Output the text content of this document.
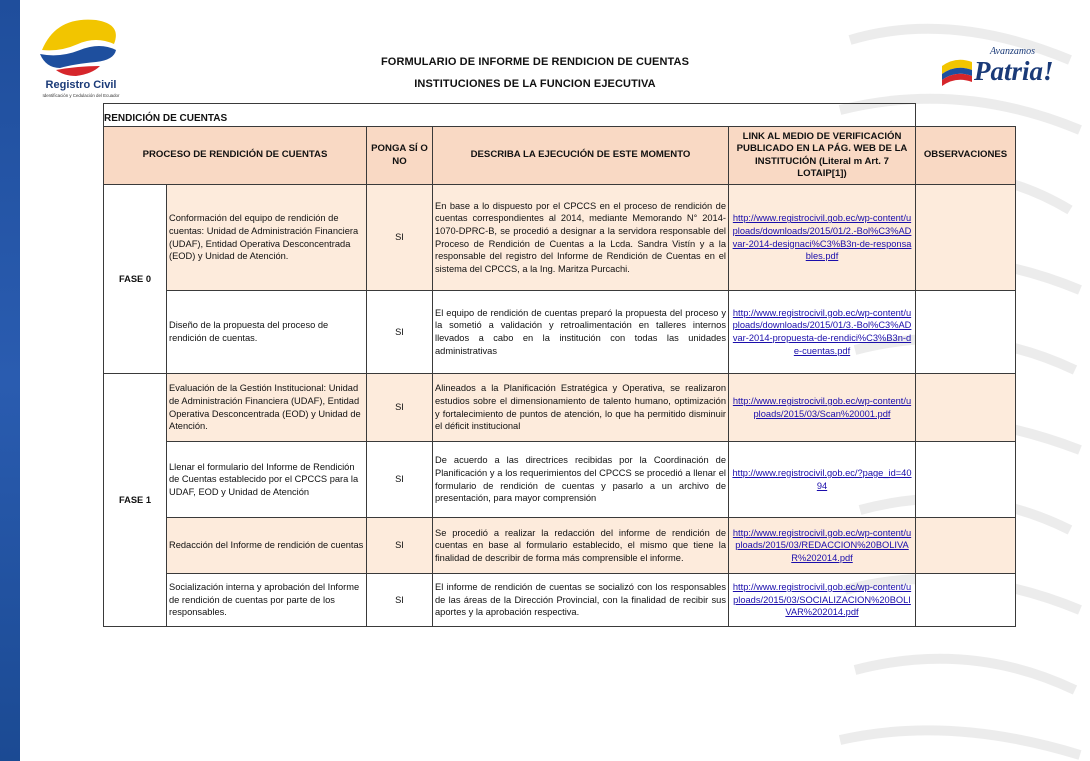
Registro Civil
Identificación y Cedulación del Ecuador
Avanzamos
Patria!
FORMULARIO DE INFORME DE RENDICION DE CUENTAS
INSTITUCIONES DE LA FUNCION EJECUTIVA
RENDICIÓN DE CUENTAS					
PROCESO DE RENDICIÓN DE CUENTAS		PONGA SÍ O NO	DESCRIBA LA EJECUCIÓN DE ESTE MOMENTO	LINK AL MEDIO DE VERIFICACIÓN PUBLICADO EN LA PÁG. WEB DE LA INSTITUCIÓN (Literal m Art. 7 LOTAIP[1])	OBSERVACIONES
FASE 0	Conformación del equipo de rendición de cuentas: Unidad de Administración Financiera (UDAF), Entidad Operativa Desconcentrada (EOD) y Unidad de Atención.	SI	En base a lo dispuesto por el CPCCS en el proceso de rendición de cuentas correspondientes al 2014, mediante Memorando N° 2014-1070-DPRC-B, se procedió a designar a la servidora responsable del Proceso de Rendición de Cuentas a la Lcda. Sandra Vistín y a la responsable del registro del Informe de Rendición de Cuentas en el sistema del CPCCS, a la Ing. Maritza Purcachi.	http://www.registrocivil.gob.ec/wp-content/uploads/downloads/2015/01/2.-Bol%C3%ADvar-2014-designaci%C3%B3n-de-responsables.pdf	
	Diseño de la propuesta del proceso de rendición de cuentas.	SI	El equipo de rendición de cuentas preparó la propuesta del proceso y la sometió a validación y retroalimentación en talleres internos llevados a cabo en la institución con todas las unidades administrativas	http://www.registrocivil.gob.ec/wp-content/uploads/downloads/2015/01/3.-Bol%C3%ADvar-2014-propuesta-de-rendici%C3%B3n-de-cuentas.pdf	
FASE 1	Evaluación de la Gestión Institucional: Unidad de Administración Financiera (UDAF), Entidad Operativa Desconcentrada (EOD) y Unidad de Atención.	SI	Alineados a la Planificación Estratégica y Operativa, se realizaron estudios sobre el dimensionamiento de talento humano, optimización y fortalecimiento de puntos de atención, lo que ha permitido disminuir el déficit institucional	http://www.registrocivil.gob.ec/wp-content/uploads/2015/03/Scan%20001.pdf	
	Llenar el formulario del Informe de Rendición de Cuentas establecido por el CPCCS para la UDAF, EOD y Unidad de Atención	SI	De acuerdo a las directrices recibidas por la Coordinación de Planificación y a los requerimientos del CPCCS se procedió a llenar el formulario de rendición de cuentas y pasarlo a un archivo de presentación, para mayor comprensión	http://www.registrocivil.gob.ec/?page_id=4094	
	Redacción del Informe de rendición de cuentas	SI	Se procedió a realizar la redacción del informe de rendición de cuentas en base al formulario establecido, el mismo que tiene la finalidad de describir de forma más comprensible el informe.	http://www.registrocivil.gob.ec/wp-content/uploads/2015/03/REDACCION%20BOLIVAR%202014.pdf	
	Socialización interna y aprobación del Informe de rendición de cuentas por parte de los responsables.	SI	El informe de rendición de cuentas se socializó con los responsables de las áreas de la Dirección Provincial, con la finalidad de recibir sus aportes y la aprobación respectiva.	http://www.registrocivil.gob.ec/wp-content/uploads/2015/03/SOCIALIZACION%20BOLIVAR%202014.pdf	
